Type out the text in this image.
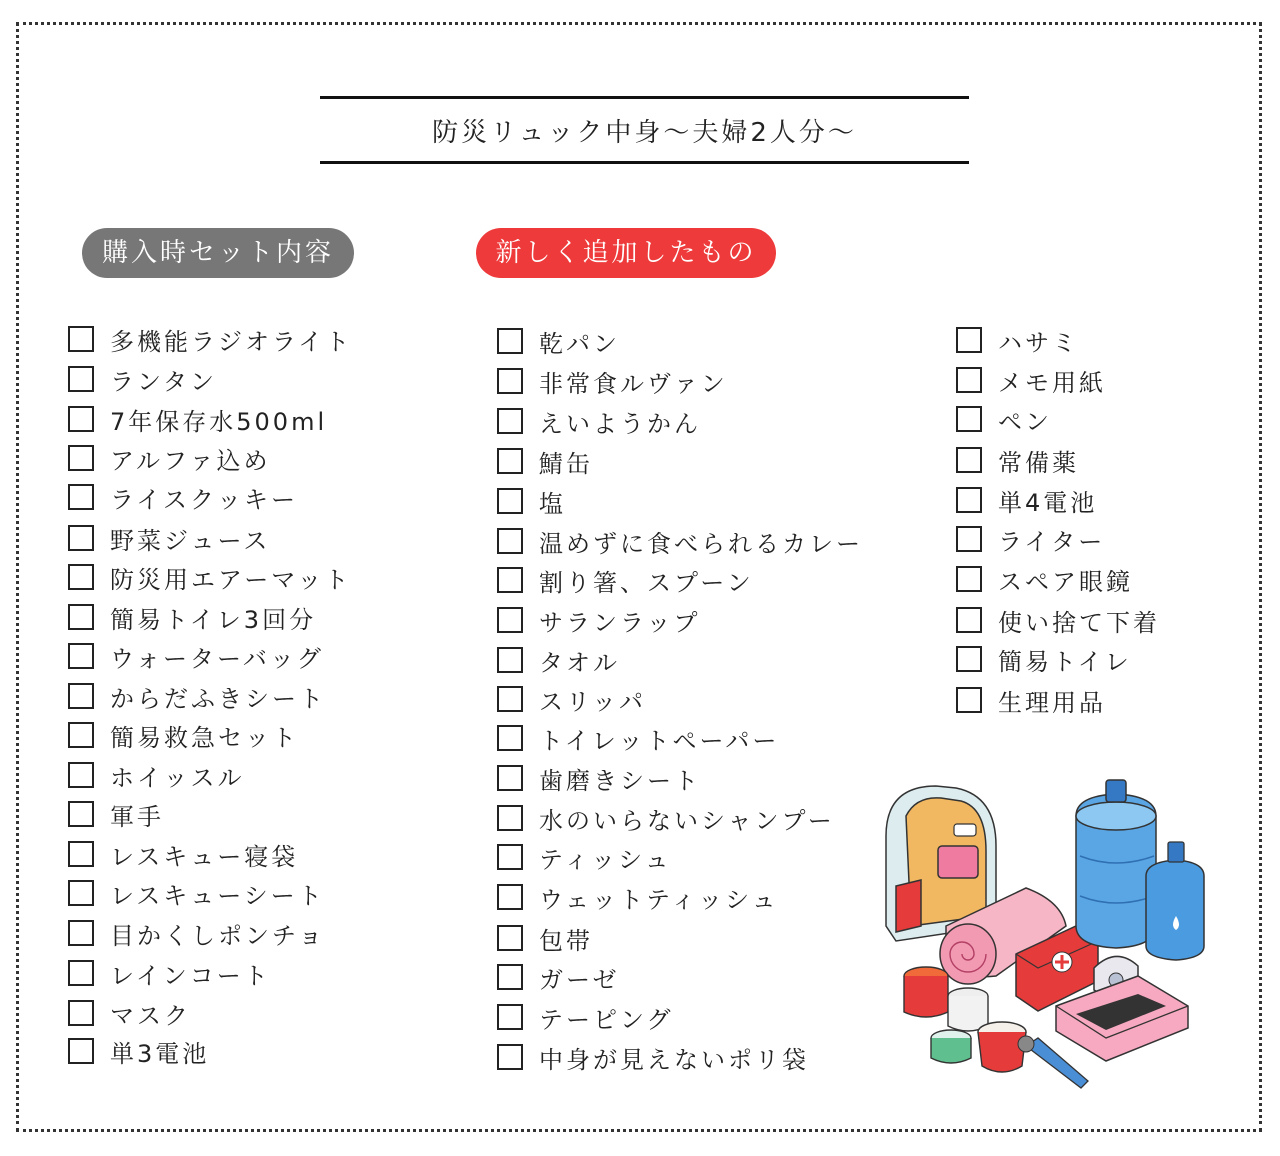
防災リュック中身〜夫婦2人分〜
購入時セット内容	新しく追加したもの
多機能ラジオライト
ランタン
7年保存水500ml
アルファ込め
ライスクッキー
野菜ジュース
防災用エアーマット
簡易トイレ3回分
ウォーターバッグ
からだふきシート
簡易救急セット
ホイッスル
軍手
レスキュー寝袋
レスキューシート
目かくしポンチョ
レインコート
マスク
単3電池
乾パン
非常食ルヴァン
えいようかん
鯖缶
塩
温めずに食べられるカレー
割り箸、スプーン
サランラップ
タオル
スリッパ
トイレットペーパー
歯磨きシート
水のいらないシャンプー
ティッシュ
ウェットティッシュ
包帯
ガーゼ
テーピング
中身が見えないポリ袋
ハサミ
メモ用紙
ペン
常備薬
単4電池
ライター
スペア眼鏡
使い捨て下着
簡易トイレ
生理用品
